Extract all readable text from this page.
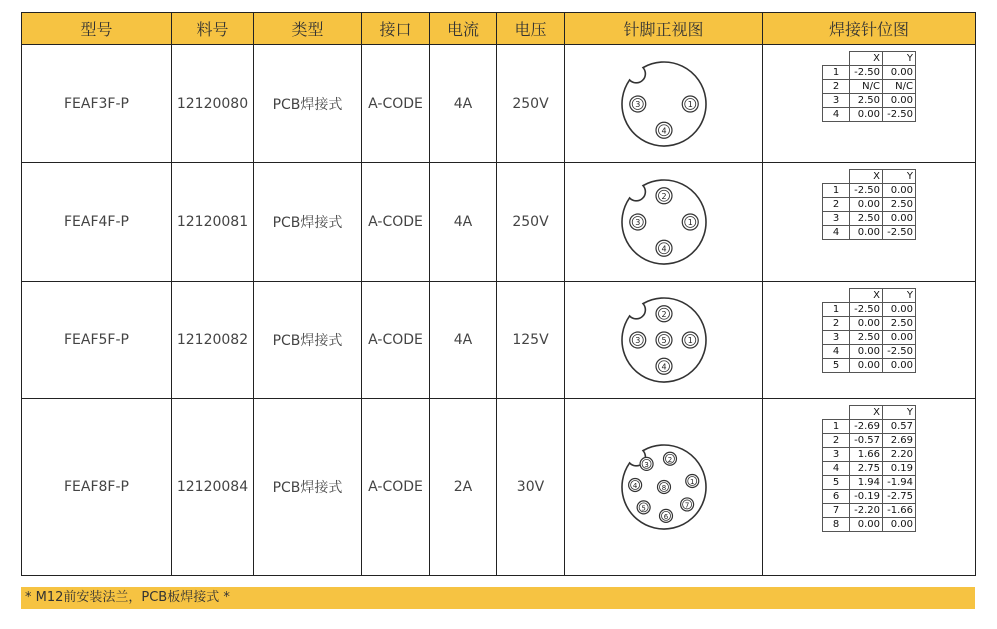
型号	料号	类型	接口	电流	电压	针脚正视图	焊接针位图
FEAF3F-P	12120080	PCB焊接式	A-CODE	4A	250V	1
3
4

	X	Y
1	-2.50	0.00
2	N/C	N/C
3	2.50	0.00
4	0.00	-2.50

FEAF4F-P	12120081	PCB焊接式	A-CODE	4A	250V	1
2
3
4

	X	Y
1	-2.50	0.00
2	0.00	2.50
3	2.50	0.00
4	0.00	-2.50

FEAF5F-P	12120082	PCB焊接式	A-CODE	4A	125V	1
2
3
4
5

	X	Y
1	-2.50	0.00
2	0.00	2.50
3	2.50	0.00
4	0.00	-2.50
5	0.00	0.00

FEAF8F-P	12120084	PCB焊接式	A-CODE	2A	30V	1
2
3
4
5
6
7
8

	X	Y
1	-2.69	0.57
2	-0.57	2.69
3	1.66	2.20
4	2.75	0.19
5	1.94	-1.94
6	-0.19	-2.75
7	-2.20	-1.66
8	0.00	0.00
* M12前安装法兰，PCB板焊接式 *
